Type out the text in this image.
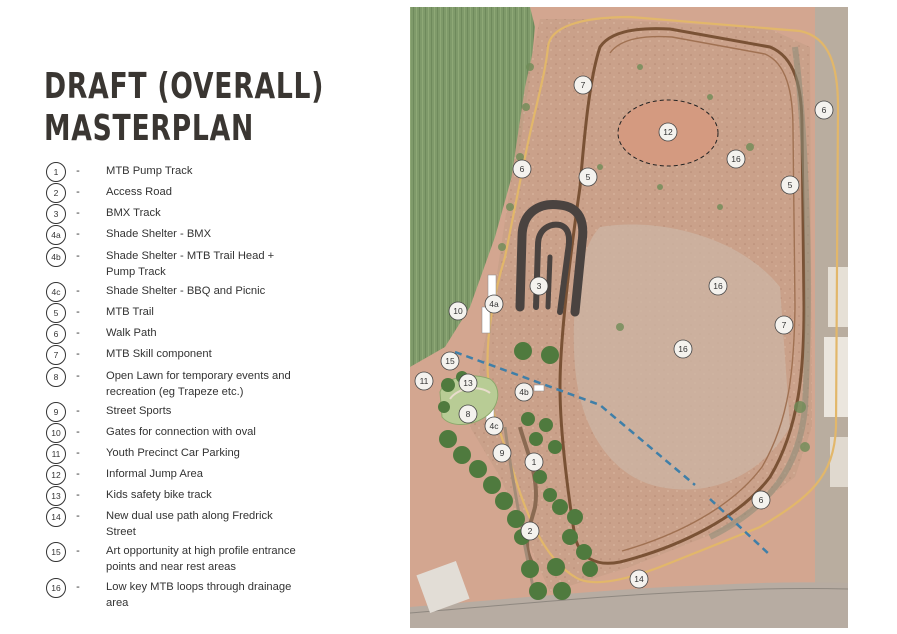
DRAFT (OVERALL)
MASTERPLAN
1	-	MTB Pump Track
2	-	Access Road
3	-	BMX Track
4a	-	Shade Shelter - BMX
4b	-	Shade Shelter - MTB Trail Head + Pump Track
4c	-	Shade Shelter - BBQ and Picnic
5	-	MTB Trail
6	-	Walk Path
7	-	MTB Skill component
8	-	Open Lawn for temporary events and recreation (eg Trapeze etc.)
9	-	Street Sports
10	-	Gates for connection with oval
11	-	Youth Precinct Car Parking
12	-	Informal Jump Area
13	-	Kids safety bike track
14	-	New dual use path along Fredrick Street
15	-	Art opportunity at high profile entrance points and near rest areas
16	-	Low key MTB loops through drainage area
7
6
12
16
6
5
5
3	16
4a
10
7
16
15
11	13
4b
8
4c
9
1
6
2
14
